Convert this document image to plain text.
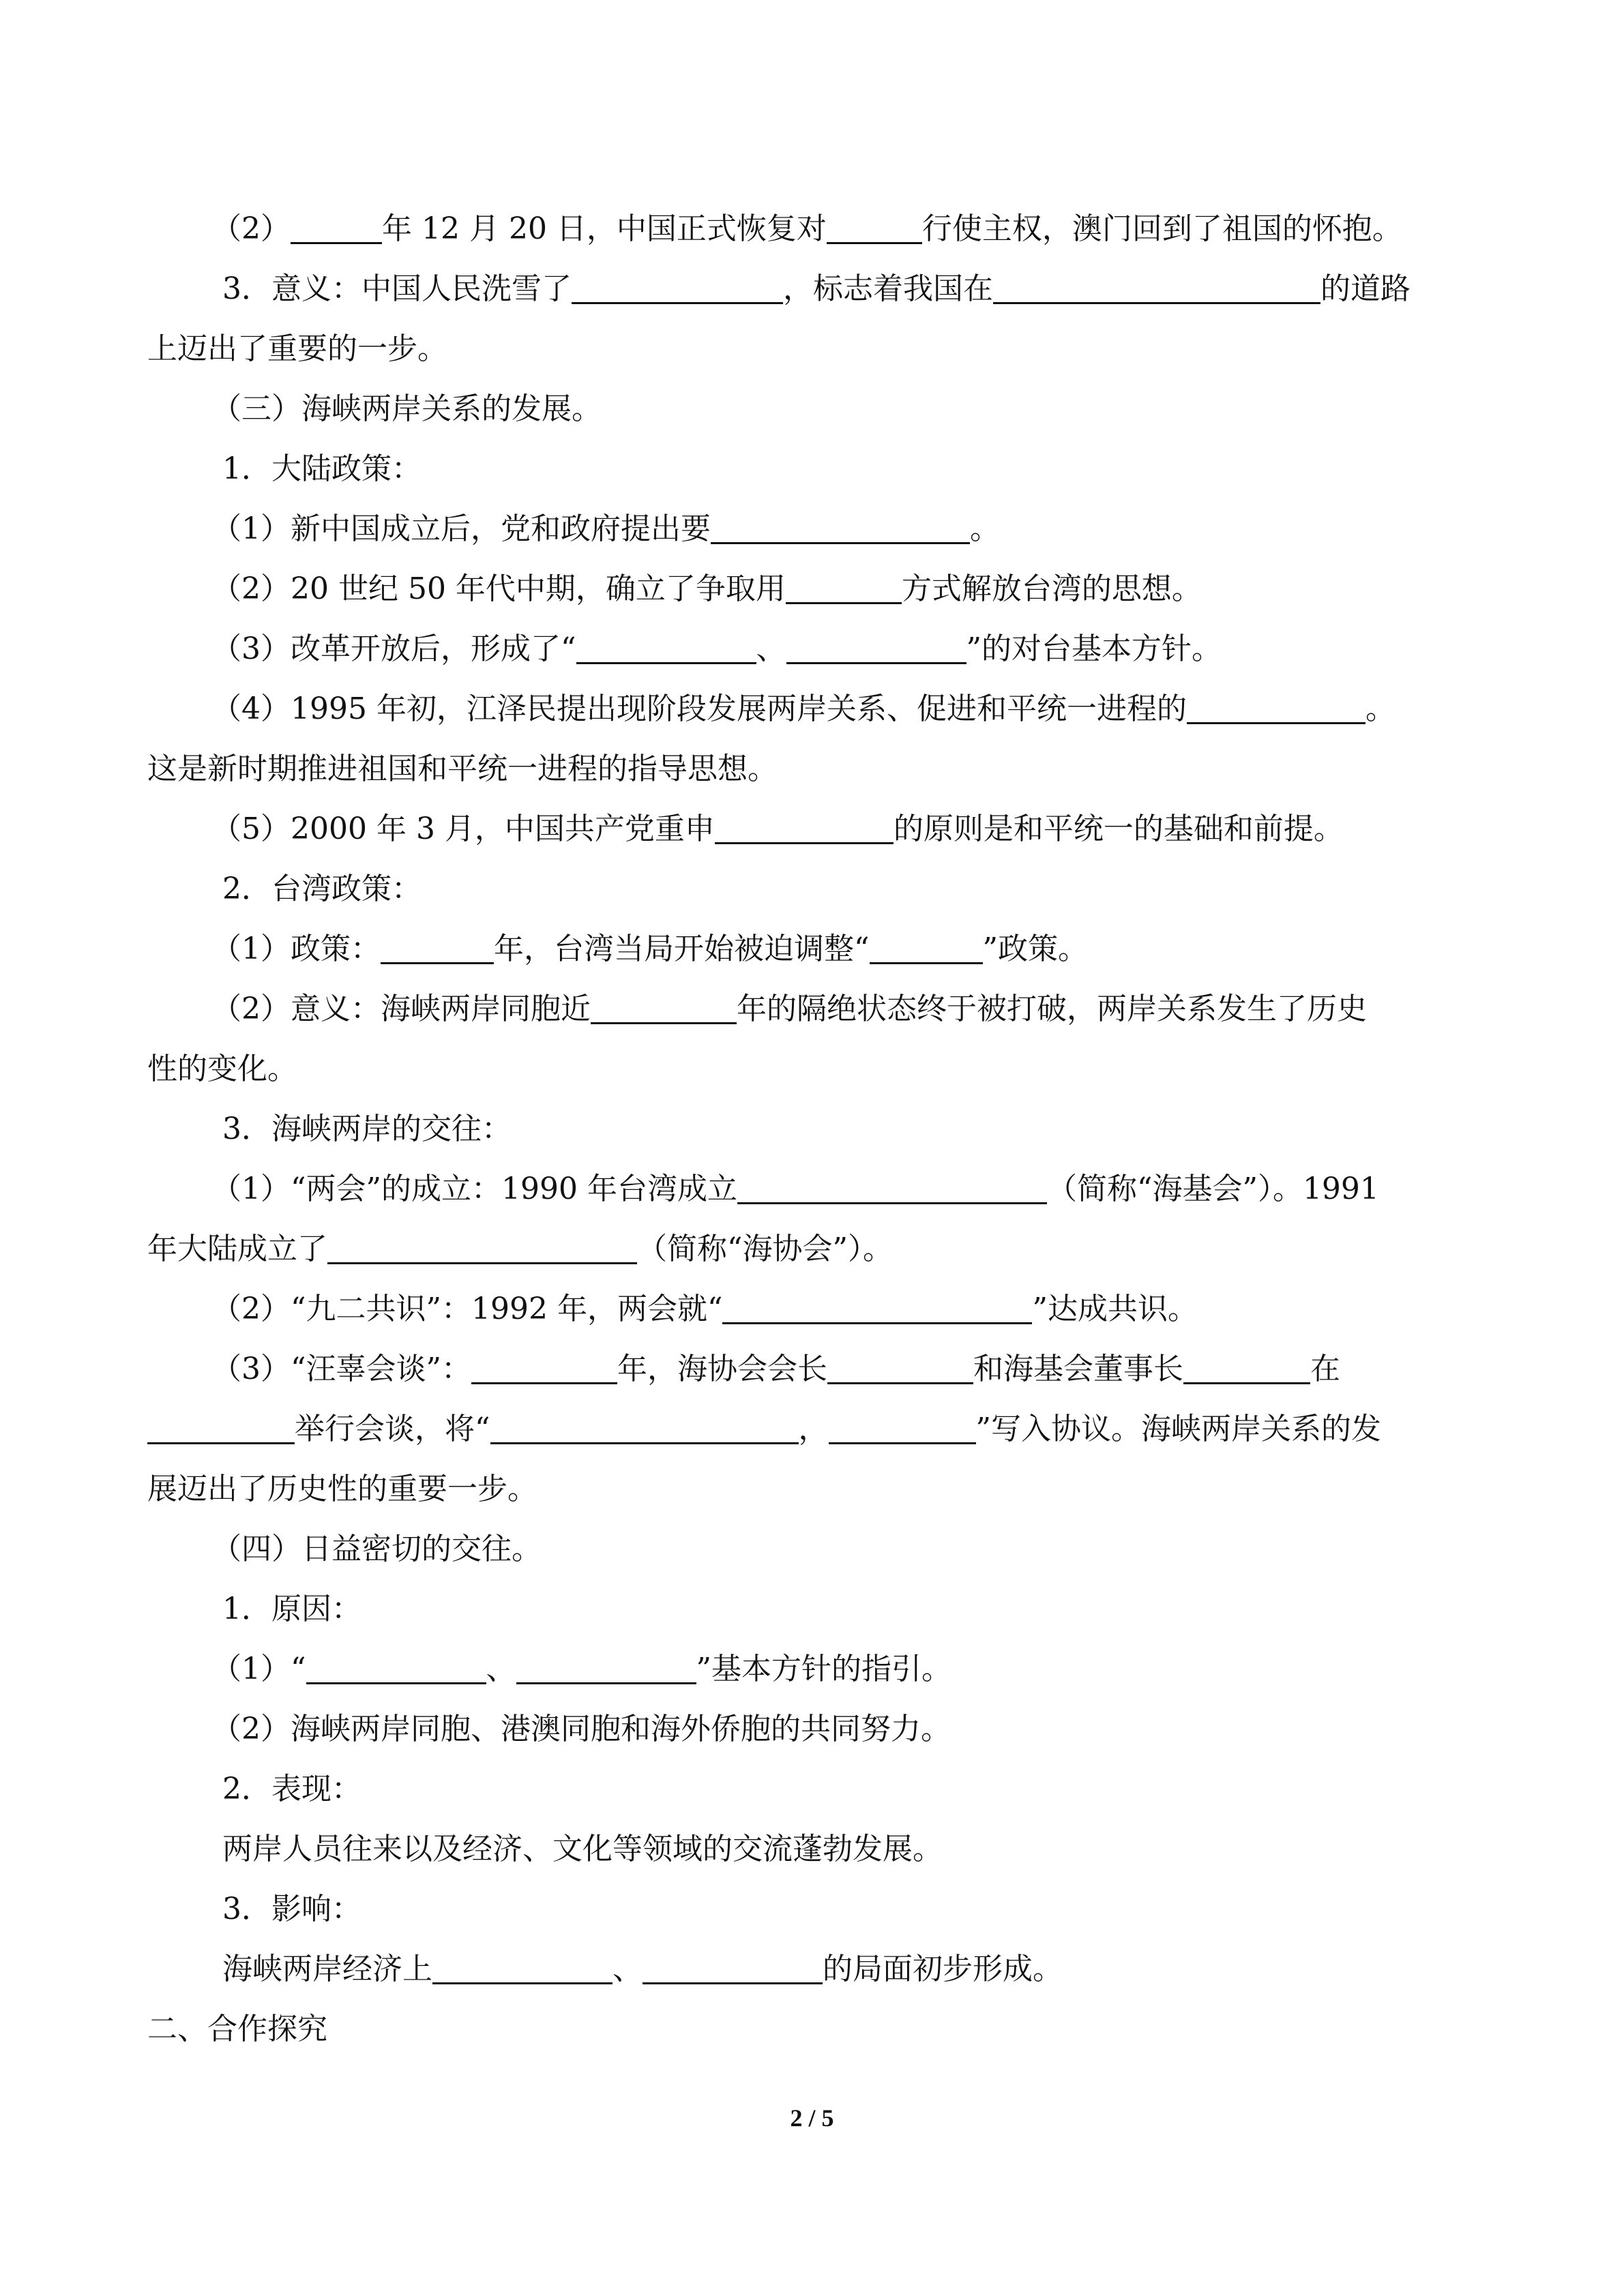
（2）	年 12 月 20 日，中国正式恢复对	行使主权，澳门回到了祖国的怀抱。
3．意义：中国人民洗雪了	，标志着我国在	的道路
上迈出了重要的一步。
（三）海峡两岸关系的发展。
1．大陆政策：
（1）新中国成立后，党和政府提出要	。
（2）20 世纪 50 年代中期，确立了争取用	方式解放台湾的思想。
（3）改革开放后，形成了“	、	”的对台基本方针。
（4）1995 年初，江泽民提出现阶段发展两岸关系、促进和平统一进程的	。
这是新时期推进祖国和平统一进程的指导思想。
（5）2000 年 3 月，中国共产党重申	的原则是和平统一的基础和前提。
2．台湾政策：
（1）政策：	年，台湾当局开始被迫调整“	”政策。
（2）意义：海峡两岸同胞近	年的隔绝状态终于被打破，两岸关系发生了历史
性的变化。
3．海峡两岸的交往：
（1）“两会”的成立：1990 年台湾成立	（简称“海基会”）。1991
年大陆成立了	（简称“海协会”）。
（2）“九二共识”：1992 年，两会就“	”达成共识。
（3）“汪辜会谈”：	年，海协会会长	和海基会董事长	在
举行会谈，将“	，	”写入协议。海峡两岸关系的发
展迈出了历史性的重要一步。
（四）日益密切的交往。
1．原因：
（1）“	、	”基本方针的指引。
（2）海峡两岸同胞、港澳同胞和海外侨胞的共同努力。
2．表现：
两岸人员往来以及经济、文化等领域的交流蓬勃发展。
3．影响：
海峡两岸经济上	、	的局面初步形成。
二、合作探究
2 / 5
